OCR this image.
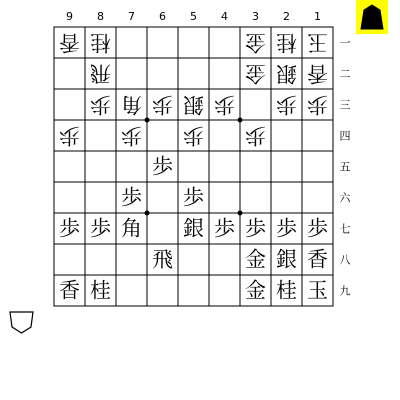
9 8 7 6 5 4 3 2 1
一
二
三
四
五
六
七
八
九
香 桂	金 桂 玉
飛	金 銀 香
歩 角 歩 銀 歩 歩 歩
歩 歩 歩 歩
歩
歩 歩
歩 歩 角 銀 歩 歩 歩 歩
飛	金 銀 香
香 桂	金 桂 玉
